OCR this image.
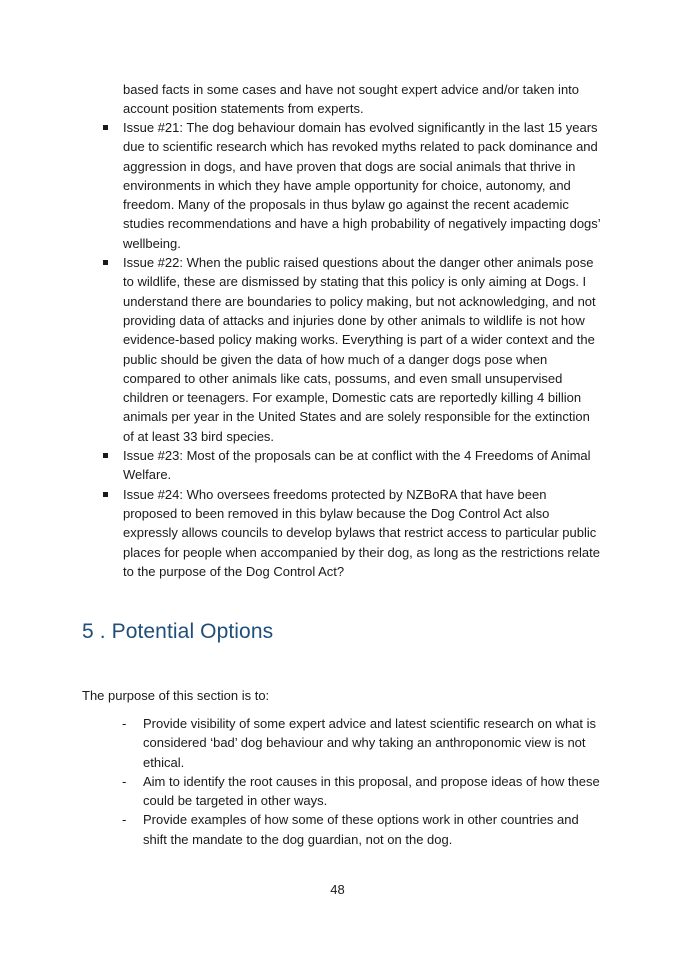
based facts in some cases and have not sought expert advice and/or taken into account position statements from experts.

Issue #21: The dog behaviour domain has evolved significantly in the last 15 years due to scientific research which has revoked myths related to pack dominance and aggression in dogs, and have proven that dogs are social animals that thrive in environments in which they have ample opportunity for choice, autonomy, and freedom. Many of the proposals in thus bylaw go against the recent academic studies recommendations and have a high probability of negatively impacting dogs’ wellbeing.
Issue #22: When the public raised questions about the danger other animals pose to wildlife, these are dismissed by stating that this policy is only aiming at Dogs. I understand there are boundaries to policy making, but not acknowledging, and not providing data of attacks and injuries done by other animals to wildlife is not how evidence-based policy making works. Everything is part of a wider context and the public should be given the data of how much of a danger dogs pose when compared to other animals like cats, possums, and even small unsupervised children or teenagers. For example, Domestic cats are reportedly killing 4 billion animals per year in the United States and are solely responsible for the extinction of at least 33 bird species.
Issue #23: Most of the proposals can be at conflict with the 4 Freedoms of Animal Welfare.
Issue #24: Who oversees freedoms protected by NZBoRA that have been proposed to been removed in this bylaw because the Dog Control Act also expressly allows councils to develop bylaws that restrict access to particular public places for people when accompanied by their dog, as long as the restrictions relate to the purpose of the Dog Control Act?
5 . Potential Options

The purpose of this section is to:

- Provide visibility of some expert advice and latest scientific research on what is considered ‘bad’ dog behaviour and why taking an anthroponomic view is not ethical.
- Aim to identify the root causes in this proposal, and propose ideas of how these could be targeted in other ways.
- Provide examples of how some of these options work in other countries and shift the mandate to the dog guardian, not on the dog.
48
